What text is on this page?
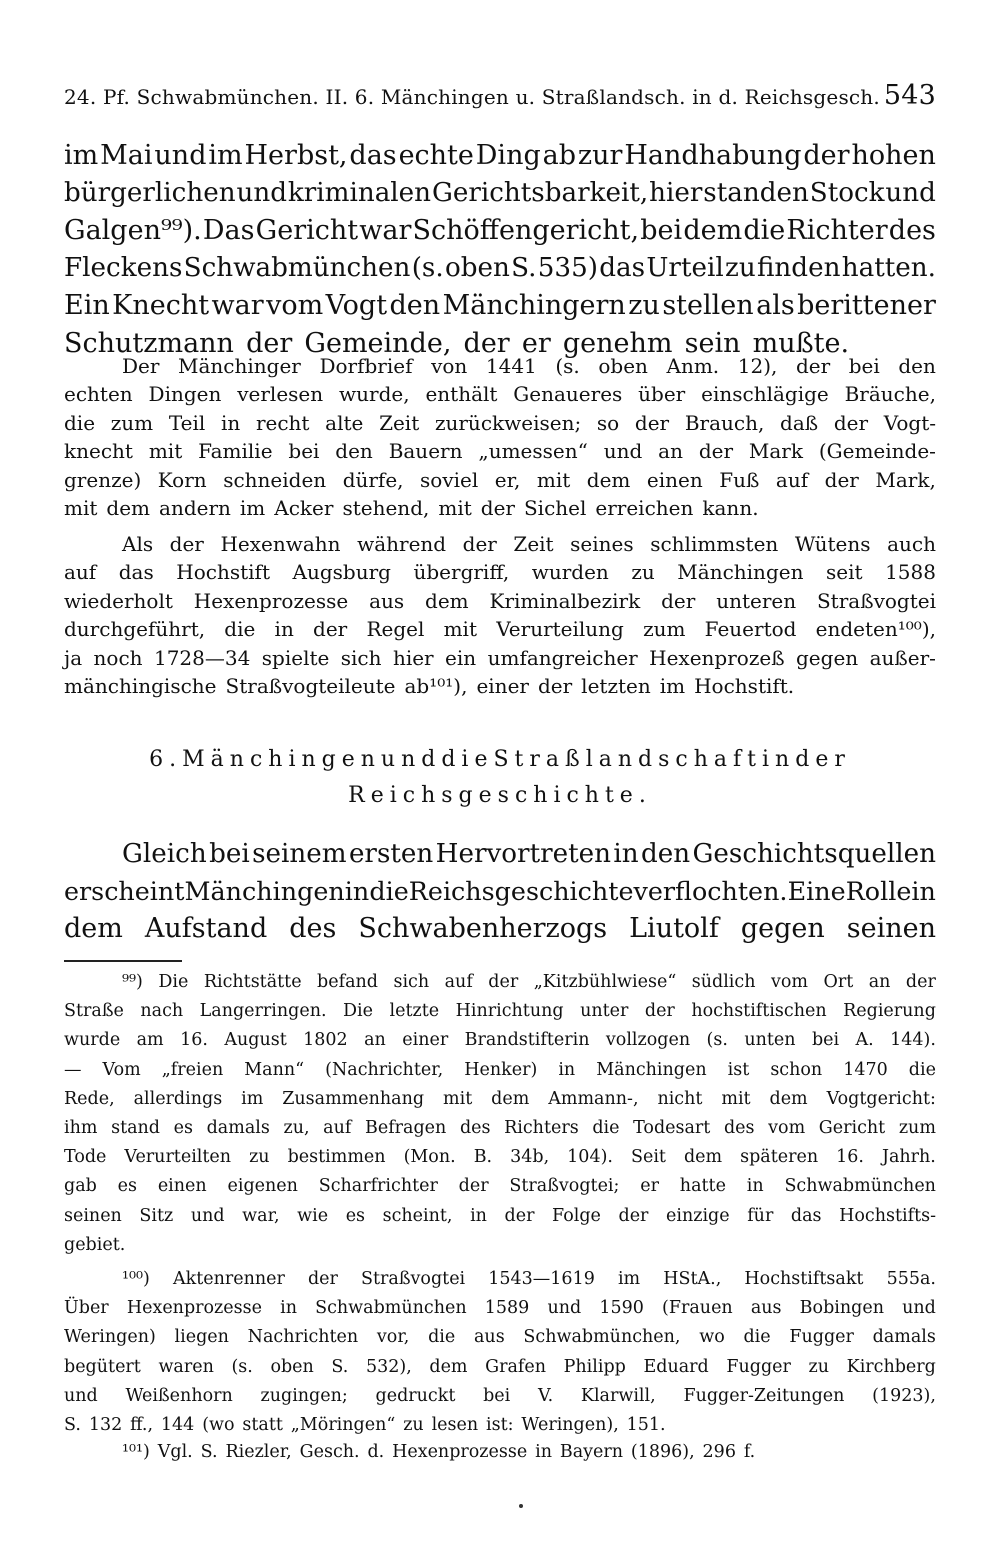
24. Pf. Schwabmünchen. II. 6. Mänchingen u. Straßlandsch. in d. Reichsgesch. 543
im Mai und im Herbst, das echte Ding ab zur Handhabung der hohen
bürgerlichen und kriminalen Gerichtsbarkeit, hier standen Stock und
Galgen⁹⁹). Das Gericht war Schöffengericht, bei dem die Richter des
Fleckens Schwabmünchen (s. oben S. 535) das Urteil zu finden hatten.
Ein Knecht war vom Vogt den Mänchingern zu stellen als berittener
Schutzmann der Gemeinde, der er genehm sein mußte.
Der Mänchinger Dorfbrief von 1441 (s. oben Anm. 12), der bei den
echten Dingen verlesen wurde, enthält Genaueres über einschlägige Bräuche,
die zum Teil in recht alte Zeit zurückweisen; so der Brauch, daß der Vogt-
knecht mit Familie bei den Bauern „umessen“ und an der Mark (Gemeinde-
grenze) Korn schneiden dürfe, soviel er, mit dem einen Fuß auf der Mark,
mit dem andern im Acker stehend, mit der Sichel erreichen kann.
Als der Hexenwahn während der Zeit seines schlimmsten Wütens auch
auf das Hochstift Augsburg übergriff, wurden zu Mänchingen seit 1588
wiederholt Hexenprozesse aus dem Kriminalbezirk der unteren Straßvogtei
durchgeführt, die in der Regel mit Verurteilung zum Feuertod endeten¹⁰⁰),
ja noch 1728—34 spielte sich hier ein umfangreicher Hexenprozeß gegen außer-
mänchingische Straßvogteileute ab¹⁰¹), einer der letzten im Hochstift.
6. Mänchingen und die Straßlandschaft in der
Reichsgeschichte.
Gleich bei seinem ersten Hervortreten in den Geschichtsquellen
erscheint Mänchingen in die Reichsgeschichte verflochten. Eine Rolle in
dem Aufstand des Schwabenherzogs Liutolf gegen seinen
⁹⁹) Die Richtstätte befand sich auf der „Kitzbühlwiese“ südlich vom Ort an der
Straße nach Langerringen. Die letzte Hinrichtung unter der hochstiftischen Regierung
wurde am 16. August 1802 an einer Brandstifterin vollzogen (s. unten bei A. 144).
— Vom „freien Mann“ (Nachrichter, Henker) in Mänchingen ist schon 1470 die
Rede, allerdings im Zusammenhang mit dem Ammann-, nicht mit dem Vogtgericht:
ihm stand es damals zu, auf Befragen des Richters die Todesart des vom Gericht zum
Tode Verurteilten zu bestimmen (Mon. B. 34b, 104). Seit dem späteren 16. Jahrh.
gab es einen eigenen Scharfrichter der Straßvogtei; er hatte in Schwabmünchen
seinen Sitz und war, wie es scheint, in der Folge der einzige für das Hochstifts-
gebiet.
¹⁰⁰) Aktenrenner der Straßvogtei 1543—1619 im HStA., Hochstiftsakt 555a.
Über Hexenprozesse in Schwabmünchen 1589 und 1590 (Frauen aus Bobingen und
Weringen) liegen Nachrichten vor, die aus Schwabmünchen, wo die Fugger damals
begütert waren (s. oben S. 532), dem Grafen Philipp Eduard Fugger zu Kirchberg
und Weißenhorn zugingen; gedruckt bei V. Klarwill, Fugger-Zeitungen (1923),
S. 132 ff., 144 (wo statt „Möringen“ zu lesen ist: Weringen), 151.
¹⁰¹) Vgl. S. Riezler, Gesch. d. Hexenprozesse in Bayern (1896), 296 f.
